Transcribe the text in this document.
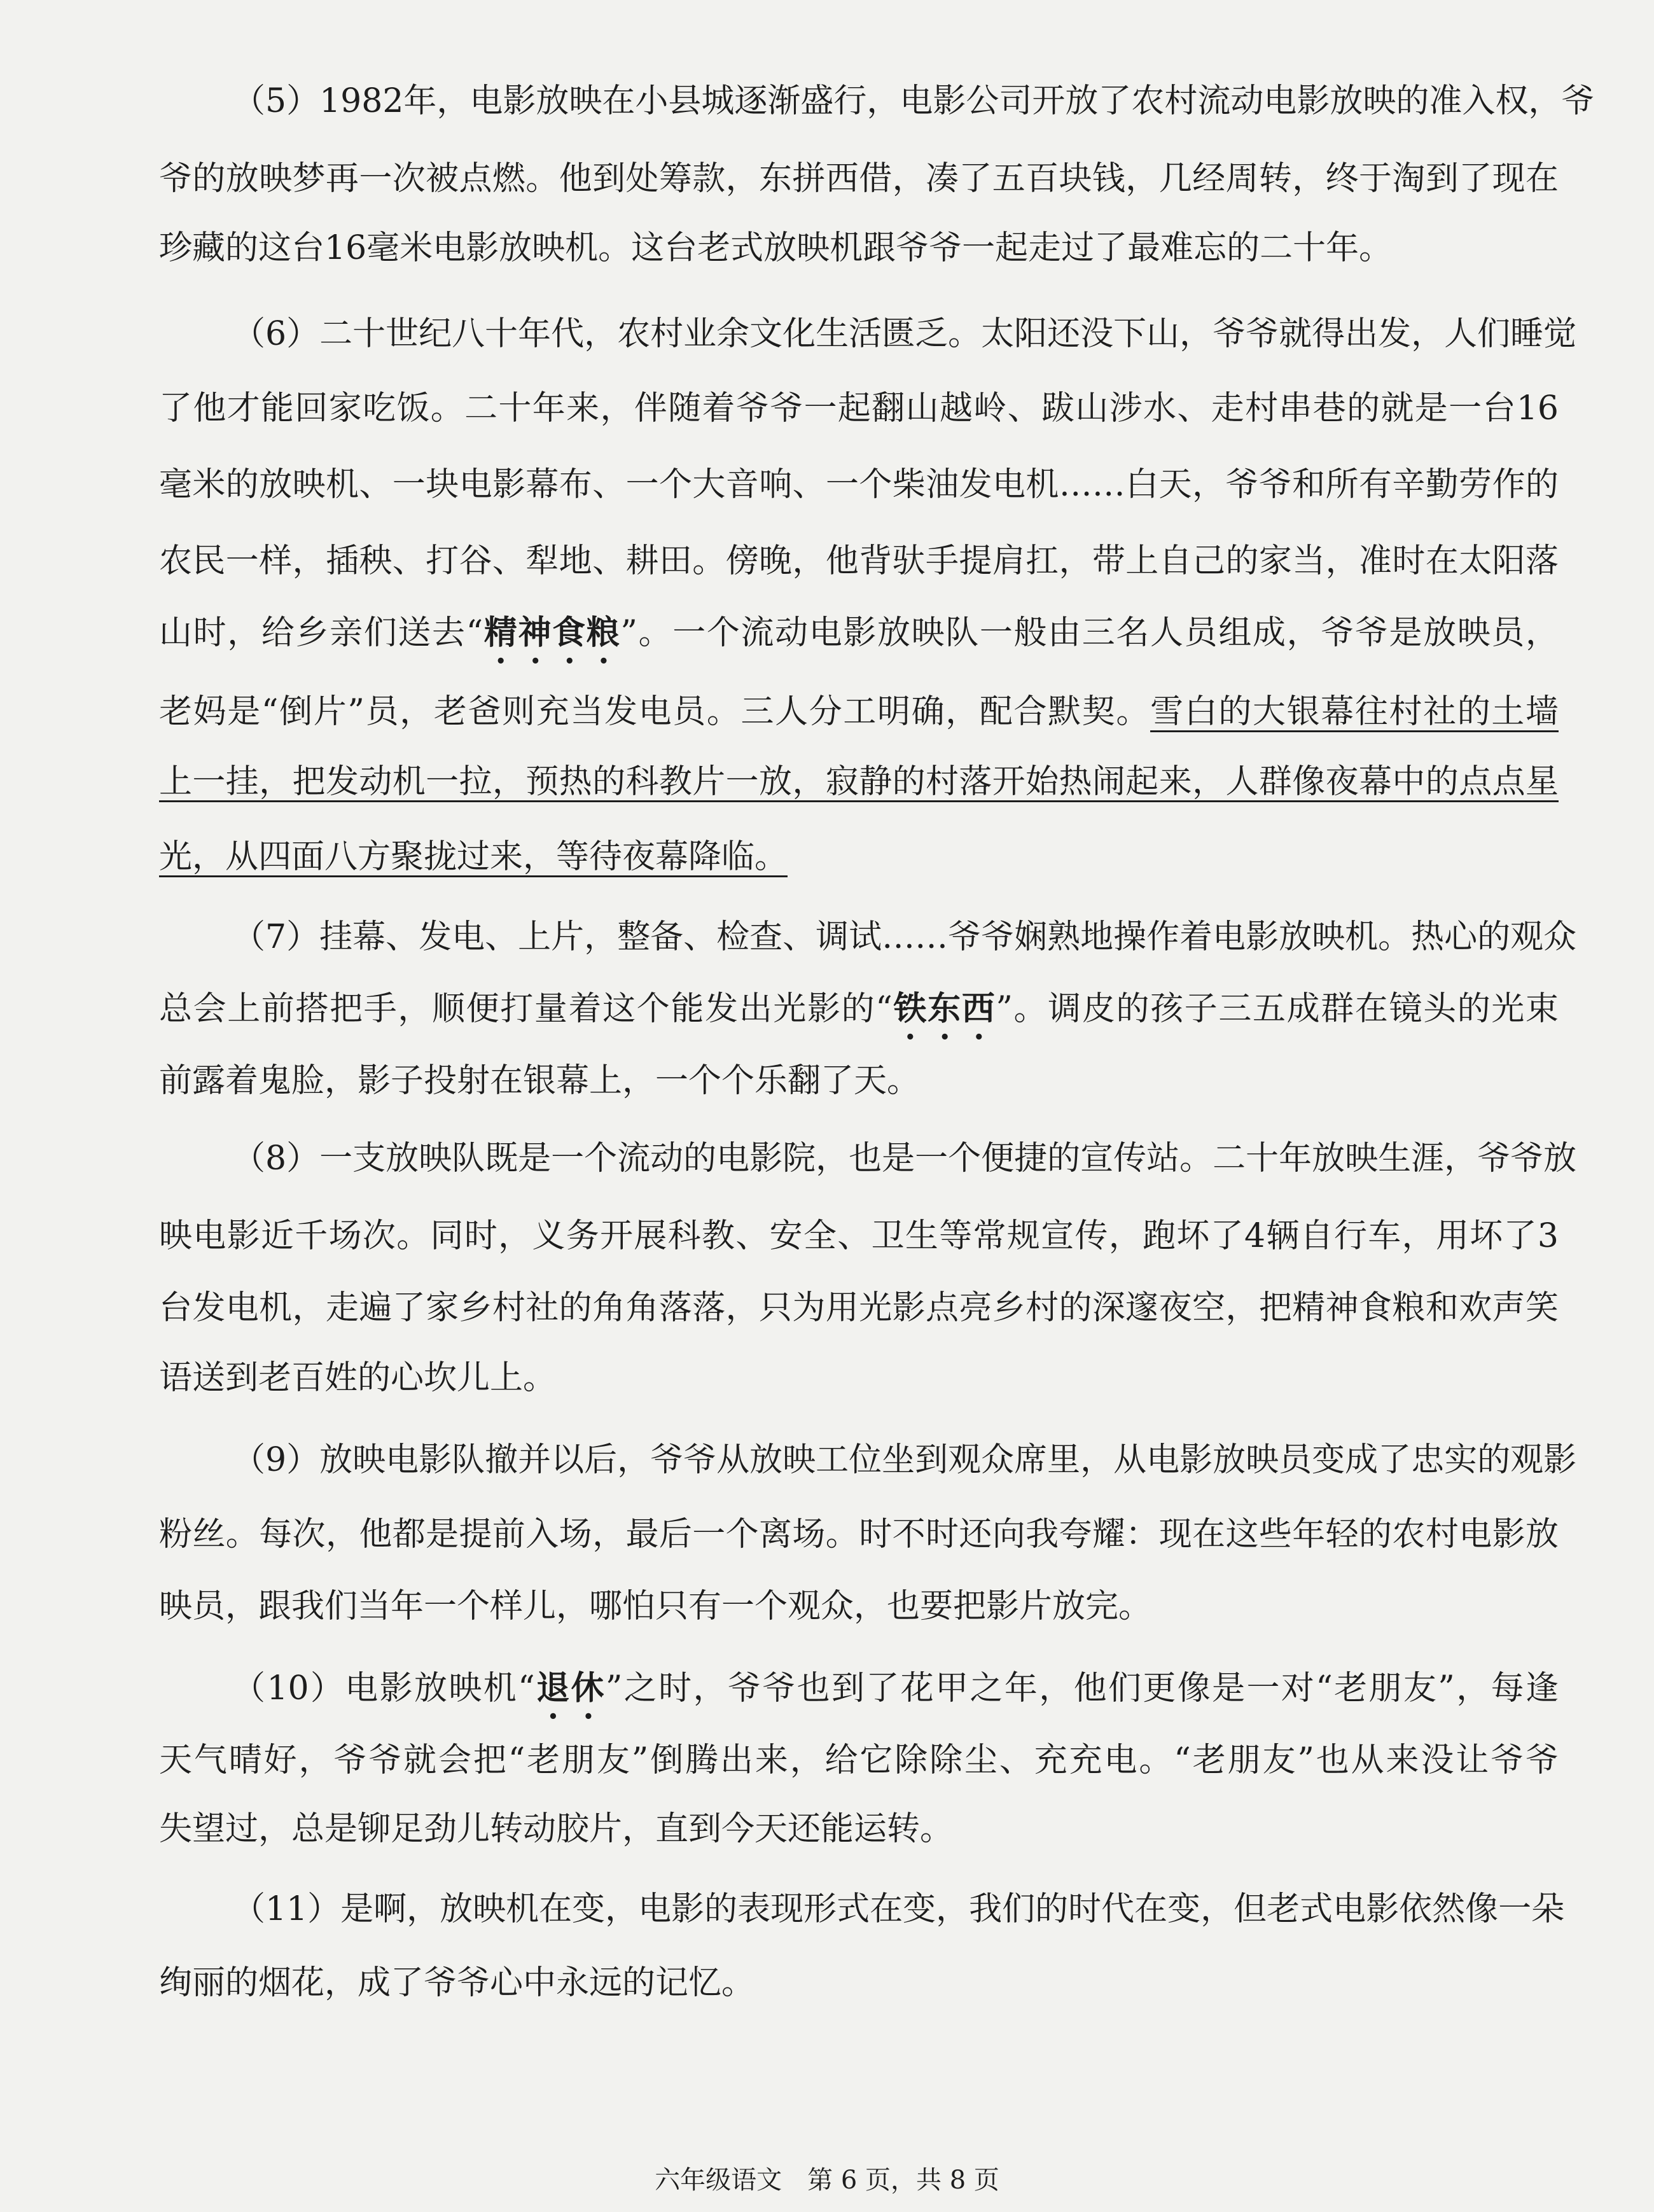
（5）1982年，电影放映在小县城逐渐盛行，电影公司开放了农村流动电影放映的准入权，爷
爷的放映梦再一次被点燃。他到处筹款，东拼西借，凑了五百块钱，几经周转，终于淘到了现在
珍藏的这台16毫米电影放映机。这台老式放映机跟爷爷一起走过了最难忘的二十年。
（6）二十世纪八十年代，农村业余文化生活匮乏。太阳还没下山，爷爷就得出发，人们睡觉
了他才能回家吃饭。二十年来，伴随着爷爷一起翻山越岭、跋山涉水、走村串巷的就是一台16
毫米的放映机、一块电影幕布、一个大音响、一个柴油发电机……白天，爷爷和所有辛勤劳作的
农民一样，插秧、打谷、犁地、耕田。傍晚，他背驮手提肩扛，带上自己的家当，准时在太阳落
山时，给乡亲们送去“精神食粮”。一个流动电影放映队一般由三名人员组成，爷爷是放映员，
老妈是“倒片”员，老爸则充当发电员。三人分工明确，配合默契。雪白的大银幕往村社的土墙
上一挂，把发动机一拉，预热的科教片一放，寂静的村落开始热闹起来，人群像夜幕中的点点星
光，从四面八方聚拢过来，等待夜幕降临。
（7）挂幕、发电、上片，整备、检查、调试……爷爷娴熟地操作着电影放映机。热心的观众
总会上前搭把手，顺便打量着这个能发出光影的“铁东西”。调皮的孩子三五成群在镜头的光束
前露着鬼脸，影子投射在银幕上，一个个乐翻了天。
（8）一支放映队既是一个流动的电影院，也是一个便捷的宣传站。二十年放映生涯，爷爷放
映电影近千场次。同时，义务开展科教、安全、卫生等常规宣传，跑坏了4辆自行车，用坏了3
台发电机，走遍了家乡村社的角角落落，只为用光影点亮乡村的深邃夜空，把精神食粮和欢声笑
语送到老百姓的心坎儿上。
（9）放映电影队撤并以后，爷爷从放映工位坐到观众席里，从电影放映员变成了忠实的观影
粉丝。每次，他都是提前入场，最后一个离场。时不时还向我夸耀：现在这些年轻的农村电影放
映员，跟我们当年一个样儿，哪怕只有一个观众，也要把影片放完。
（10）电影放映机“退休”之时，爷爷也到了花甲之年，他们更像是一对“老朋友”，每逢
天气晴好，爷爷就会把“老朋友”倒腾出来，给它除除尘、充充电。“老朋友”也从来没让爷爷
失望过，总是铆足劲儿转动胶片，直到今天还能运转。
（11）是啊，放映机在变，电影的表现形式在变，我们的时代在变，但老式电影依然像一朵
绚丽的烟花，成了爷爷心中永远的记忆。
六年级语文　第 6 页，共 8 页
